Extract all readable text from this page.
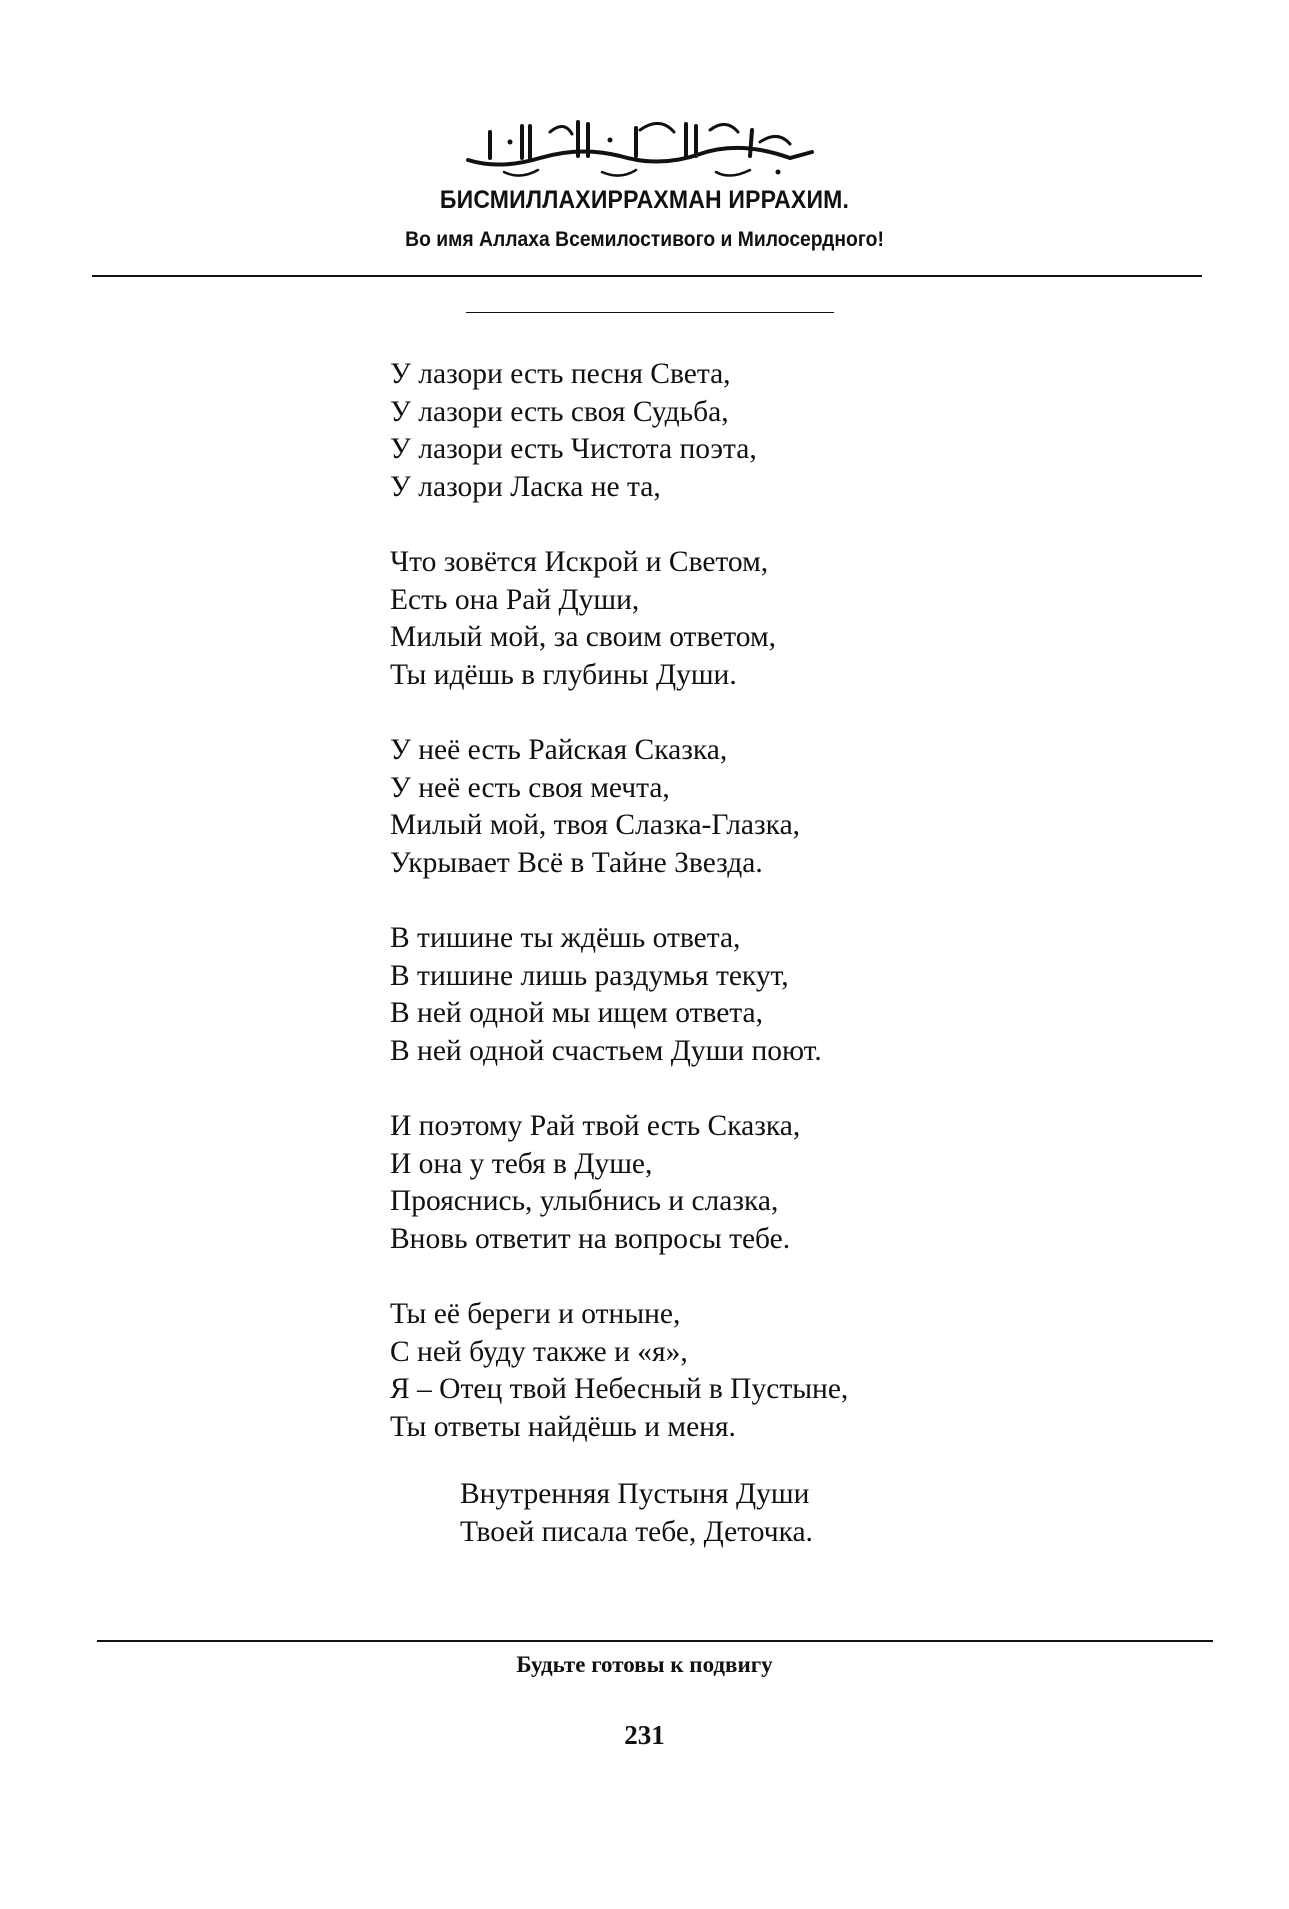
БИСМИЛЛАХИРРАХМАН ИРРАХИМ.
Во имя Аллаха Всемилостивого и Милосердного!
У лазори есть песня Света,
У лазори есть своя Судьба,
У лазори есть Чистота поэта,
У лазори Ласка не та,
Что зовётся Искрой и Светом,
Есть она Рай Души,
Милый мой, за своим ответом,
Ты идёшь в глубины Души.
У неё есть Райская Сказка,
У неё есть своя мечта,
Милый мой, твоя Слазка-Глазка,
Укрывает Всё в Тайне Звезда.
В тишине ты ждёшь ответа,
В тишине лишь раздумья текут,
В ней одной мы ищем ответа,
В ней одной счастьем Души поют.
И поэтому Рай твой есть Сказка,
И она у тебя в Душе,
Прояснись, улыбнись и слазка,
Вновь ответит на вопросы тебе.
Ты её береги и отныне,
С ней буду также и «я»,
Я – Отец твой Небесный в Пустыне,
Ты ответы найдёшь и меня.
Внутренняя Пустыня Души
Твоей писала тебе, Деточка.
Будьте готовы к подвигу
231
